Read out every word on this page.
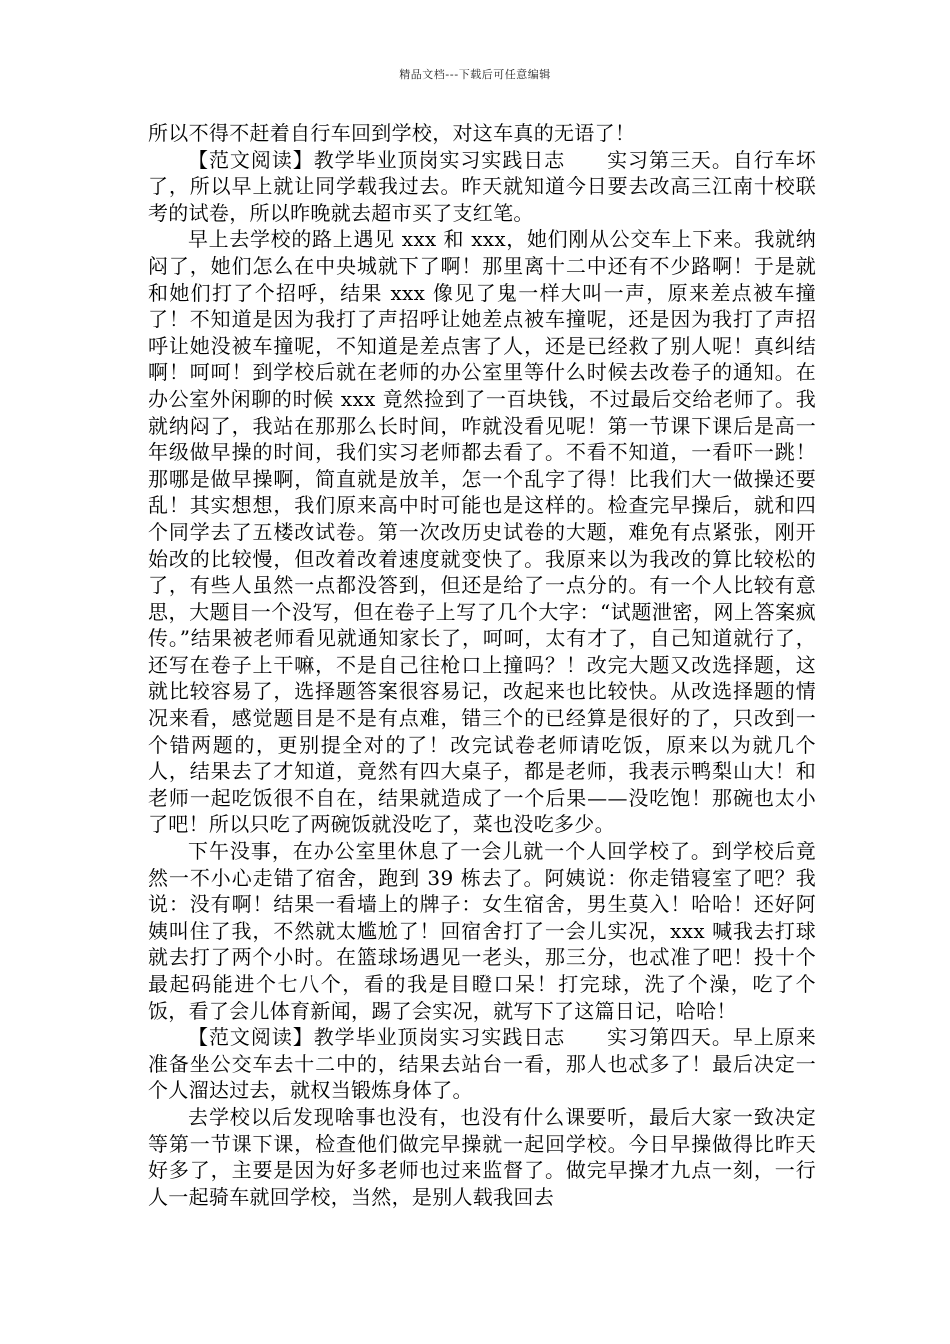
精品文档---下载后可任意编辑

所以不得不赶着自行车回到学校，对这车真的无语了！

【范文阅读】教学毕业顶岗实习实践日志　　实习第三天。自行车坏了，所以早上就让同学载我过去。昨天就知道今日要去改高三江南十校联考的试卷，所以昨晚就去超市买了支红笔。

早上去学校的路上遇见 xxx 和 xxx，她们刚从公交车上下来。我就纳闷了，她们怎么在中央城就下了啊！那里离十二中还有不少路啊！于是就和她们打了个招呼，结果 xxx 像见了鬼一样大叫一声，原来差点被车撞了！不知道是因为我打了声招呼让她差点被车撞呢，还是因为我打了声招呼让她没被车撞呢，不知道是差点害了人，还是已经救了别人呢！真纠结啊！呵呵！到学校后就在老师的办公室里等什么时候去改卷子的通知。在办公室外闲聊的时候 xxx 竟然捡到了一百块钱，不过最后交给老师了。我就纳闷了，我站在那那么长时间，咋就没看见呢！第一节课下课后是高一年级做早操的时间，我们实习老师都去看了。不看不知道，一看吓一跳！那哪是做早操啊，简直就是放羊，怎一个乱字了得！比我们大一做操还要乱！其实想想，我们原来高中时可能也是这样的。检查完早操后，就和四个同学去了五楼改试卷。第一次改历史试卷的大题，难免有点紧张，刚开始改的比较慢，但改着改着速度就变快了。我原来以为我改的算比较松的了，有些人虽然一点都没答到，但还是给了一点分的。有一个人比较有意思，大题目一个没写，但在卷子上写了几个大字：“试题泄密，网上答案疯传。”结果被老师看见就通知家长了，呵呵，太有才了，自己知道就行了，还写在卷子上干嘛，不是自己往枪口上撞吗？！改完大题又改选择题，这就比较容易了，选择题答案很容易记，改起来也比较快。从改选择题的情况来看，感觉题目是不是有点难，错三个的已经算是很好的了，只改到一个错两题的，更别提全对的了！改完试卷老师请吃饭，原来以为就几个人，结果去了才知道，竟然有四大桌子，都是老师，我表示鸭梨山大！和老师一起吃饭很不自在，结果就造成了一个后果——没吃饱！那碗也太小了吧！所以只吃了两碗饭就没吃了，菜也没吃多少。

下午没事，在办公室里休息了一会儿就一个人回学校了。到学校后竟然一不小心走错了宿舍，跑到 39 栋去了。阿姨说：你走错寝室了吧？我说：没有啊！结果一看墙上的牌子：女生宿舍，男生莫入！哈哈！还好阿姨叫住了我，不然就太尴尬了！回宿舍打了一会儿实况，xxx 喊我去打球就去打了两个小时。在篮球场遇见一老头，那三分，也忒准了吧！投十个最起码能进个七八个，看的我是目瞪口呆！打完球，洗了个澡，吃了个饭，看了会儿体育新闻，踢了会实况，就写下了这篇日记，哈哈！

【范文阅读】教学毕业顶岗实习实践日志　　实习第四天。早上原来准备坐公交车去十二中的，结果去站台一看，那人也忒多了！最后决定一个人溜达过去，就权当锻炼身体了。

去学校以后发现啥事也没有，也没有什么课要听，最后大家一致决定等第一节课下课，检查他们做完早操就一起回学校。今日早操做得比昨天好多了，主要是因为好多老师也过来监督了。做完早操才九点一刻，一行人一起骑车就回学校，当然，是别人载我回去
